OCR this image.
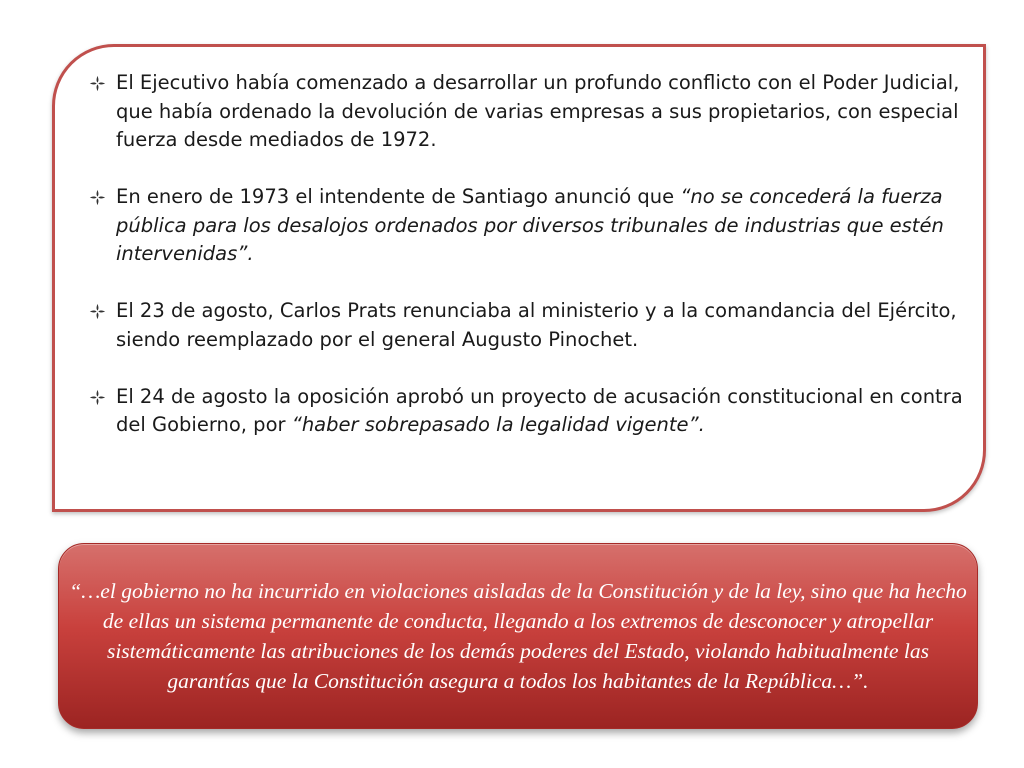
El Ejecutivo había comenzado a desarrollar un profundo conflicto con el Poder Judicial, que había ordenado la devolución de varias empresas a sus propietarios, con especial fuerza desde mediados de 1972.
En enero de 1973 el intendente de Santiago anunció que “no se concederá la fuerza pública para los desalojos ordenados por diversos tribunales de industrias que estén intervenidas”.
El 23 de agosto, Carlos Prats renunciaba al ministerio y a la comandancia del Ejército, siendo reemplazado por el general Augusto Pinochet.
El 24 de agosto la oposición aprobó un proyecto de acusación constitucional en contra del Gobierno, por “haber sobrepasado la legalidad vigente”.

“…el gobierno no ha incurrido en violaciones aisladas de la Constitución y de la ley, sino que ha hecho de ellas un sistema permanente de conducta, llegando a los extremos de desconocer y atropellar sistemáticamente las atribuciones de los demás poderes del Estado, violando habitualmente las garantías que la Constitución asegura a todos los habitantes de la República…”.
